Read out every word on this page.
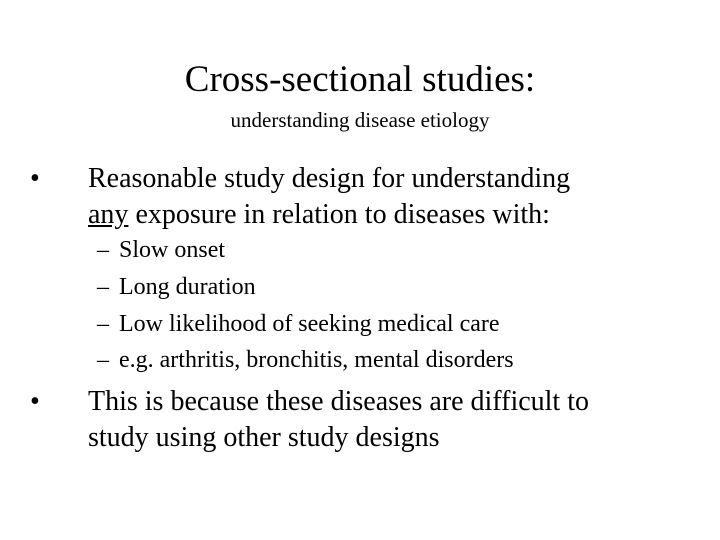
Cross-sectional studies:
understanding disease etiology
• Reasonable study design for understanding
any exposure in relation to diseases with:
– Slow onset
– Long duration
– Low likelihood of seeking medical care
– e.g. arthritis, bronchitis, mental disorders
• This is because these diseases are difficult to
study using other study designs
